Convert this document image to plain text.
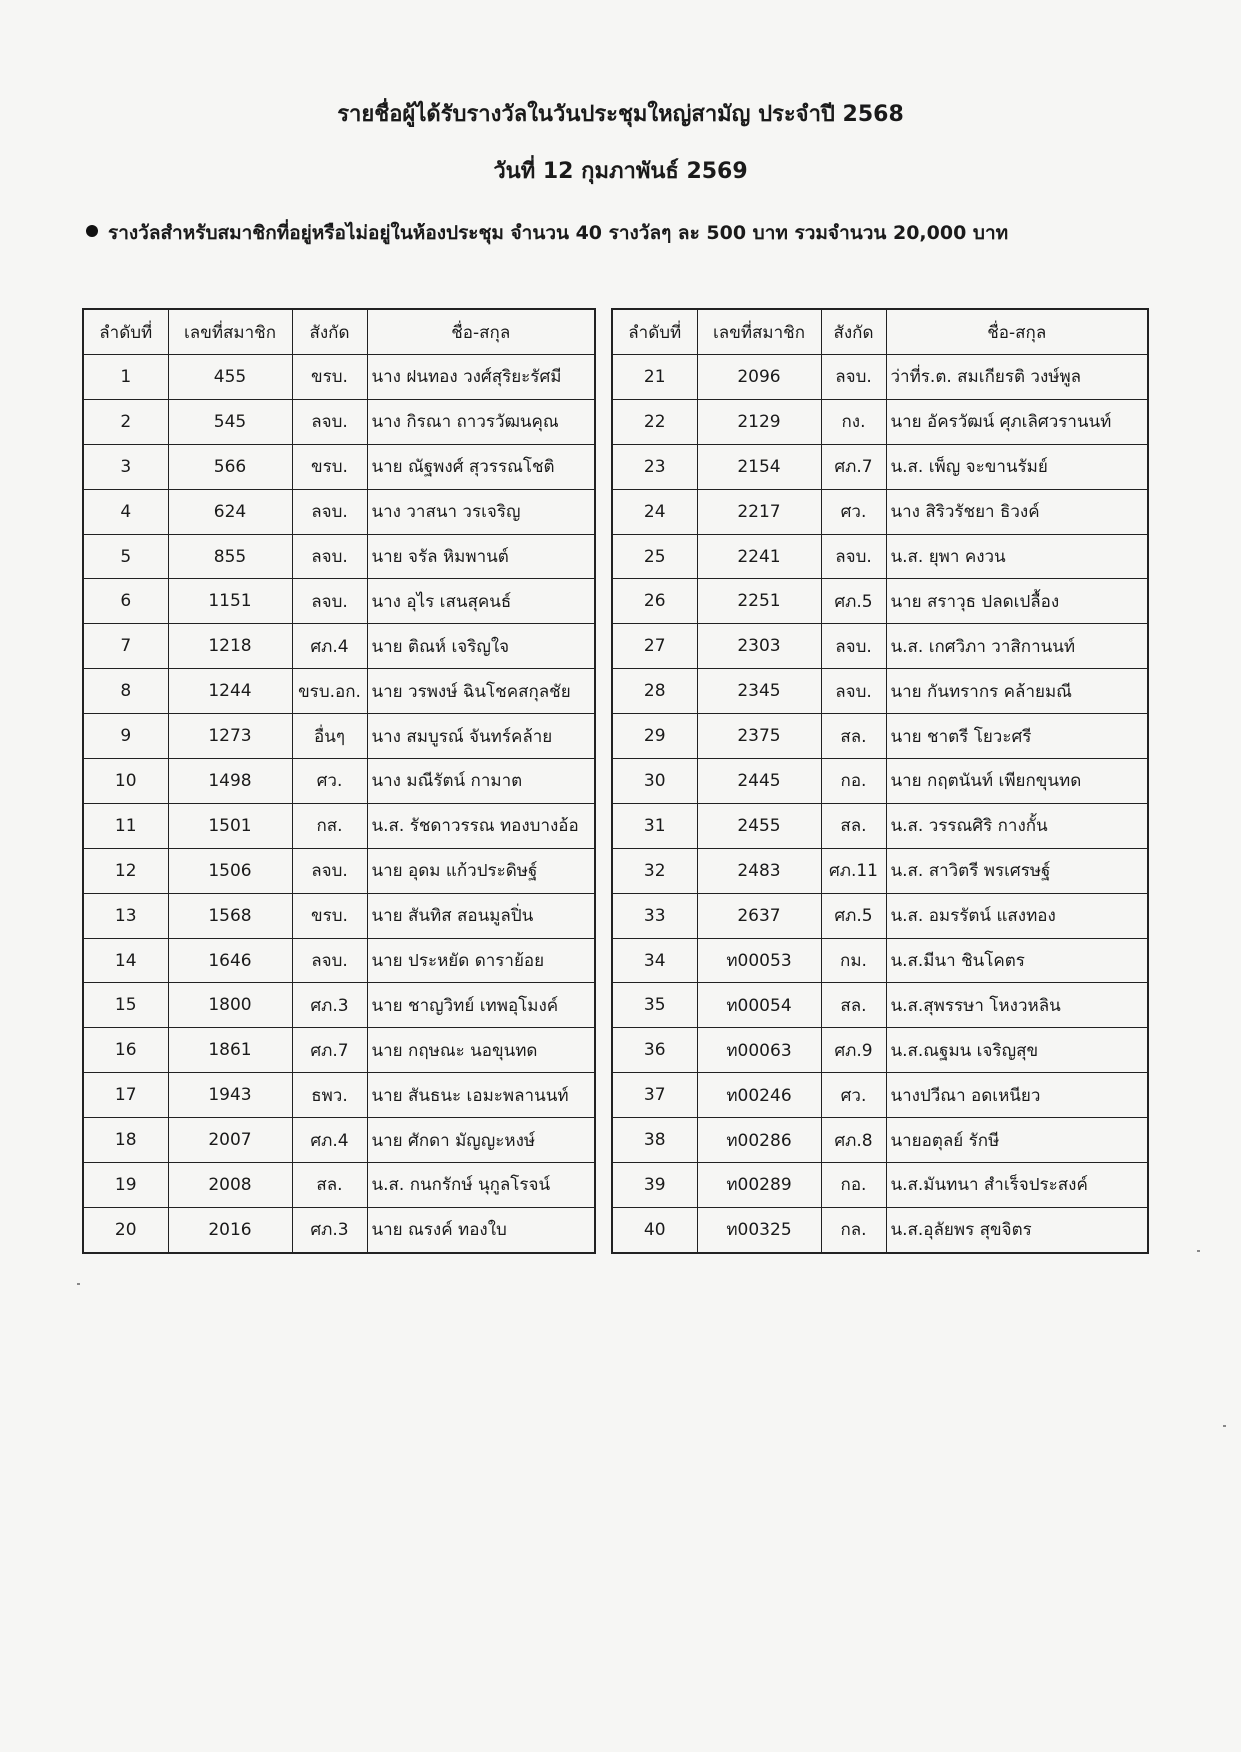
รายชื่อผู้ได้รับรางวัลในวันประชุมใหญ่สามัญ ประจำปี 2568
วันที่ 12 กุมภาพันธ์ 2569
รางวัลสำหรับสมาชิกที่อยู่หรือไม่อยู่ในห้องประชุม จำนวน 40 รางวัลๆ ละ 500 บาท รวมจำนวน 20,000 บาท
ลำดับที่	เลขที่สมาชิก	สังกัด	ชื่อ-สกุล
1	455	ขรบ.	นาง ฝนทอง วงศ์สุริยะรัศมี
2	545	ลจบ.	นาง กิรณา ถาวรวัฒนคุณ
3	566	ขรบ.	นาย ณัฐพงศ์ สุวรรณโชติ
4	624	ลจบ.	นาง วาสนา วรเจริญ
5	855	ลจบ.	นาย จรัล หิมพานต์
6	1151	ลจบ.	นาง อุไร เสนสุคนธ์
7	1218	ศภ.4	นาย ติณห์ เจริญใจ
8	1244	ขรบ.อก.	นาย วรพงษ์ ฉินโชคสกุลชัย
9	1273	อื่นๆ	นาง สมบูรณ์ จันทร์คล้าย
10	1498	ศว.	นาง มณีรัตน์ กามาต
11	1501	กส.	น.ส. รัชดาวรรณ ทองบางอ้อ
12	1506	ลจบ.	นาย อุดม แก้วประดิษฐ์
13	1568	ขรบ.	นาย สันทิส สอนมูลปิ่น
14	1646	ลจบ.	นาย ประหยัด ดาราย้อย
15	1800	ศภ.3	นาย ชาญวิทย์ เทพอุโมงค์
16	1861	ศภ.7	นาย กฤษณะ นอขุนทด
17	1943	ธพว.	นาย สันธนะ เอมะพลานนท์
18	2007	ศภ.4	นาย ศักดา มัญญะหงษ์
19	2008	สล.	น.ส. กนกรักษ์ นุกูลโรจน์
20	2016	ศภ.3	นาย ณรงค์ ทองใบ
ลำดับที่	เลขที่สมาชิก	สังกัด	ชื่อ-สกุล
21	2096	ลจบ.	ว่าที่ร.ต. สมเกียรติ วงษ์พูล
22	2129	กง.	นาย อัครวัฒน์ ศุภเลิศวรานนท์
23	2154	ศภ.7	น.ส. เพ็ญ จะขานรัมย์
24	2217	ศว.	นาง สิริวรัชยา ธิวงค์
25	2241	ลจบ.	น.ส. ยุพา คงวน
26	2251	ศภ.5	นาย สราวุธ ปลดเปลื้อง
27	2303	ลจบ.	น.ส. เกศวิภา วาสิกานนท์
28	2345	ลจบ.	นาย กันทรากร คล้ายมณี
29	2375	สล.	นาย ชาตรี โยวะศรี
30	2445	กอ.	นาย กฤตนันท์ เพียกขุนทด
31	2455	สล.	น.ส. วรรณศิริ กางกั้น
32	2483	ศภ.11	น.ส. สาวิตรี พรเศรษฐ์
33	2637	ศภ.5	น.ส. อมรรัตน์ แสงทอง
34	ท00053	กม.	น.ส.มีนา ชินโคตร
35	ท00054	สล.	น.ส.สุพรรษา โหงวหลิน
36	ท00063	ศภ.9	น.ส.ณฐมน เจริญสุข
37	ท00246	ศว.	นางปวีณา อดเหนียว
38	ท00286	ศภ.8	นายอตุลย์ รักษี
39	ท00289	กอ.	น.ส.มันทนา สำเร็จประสงค์
40	ท00325	กล.	น.ส.อุลัยพร สุขจิตร
